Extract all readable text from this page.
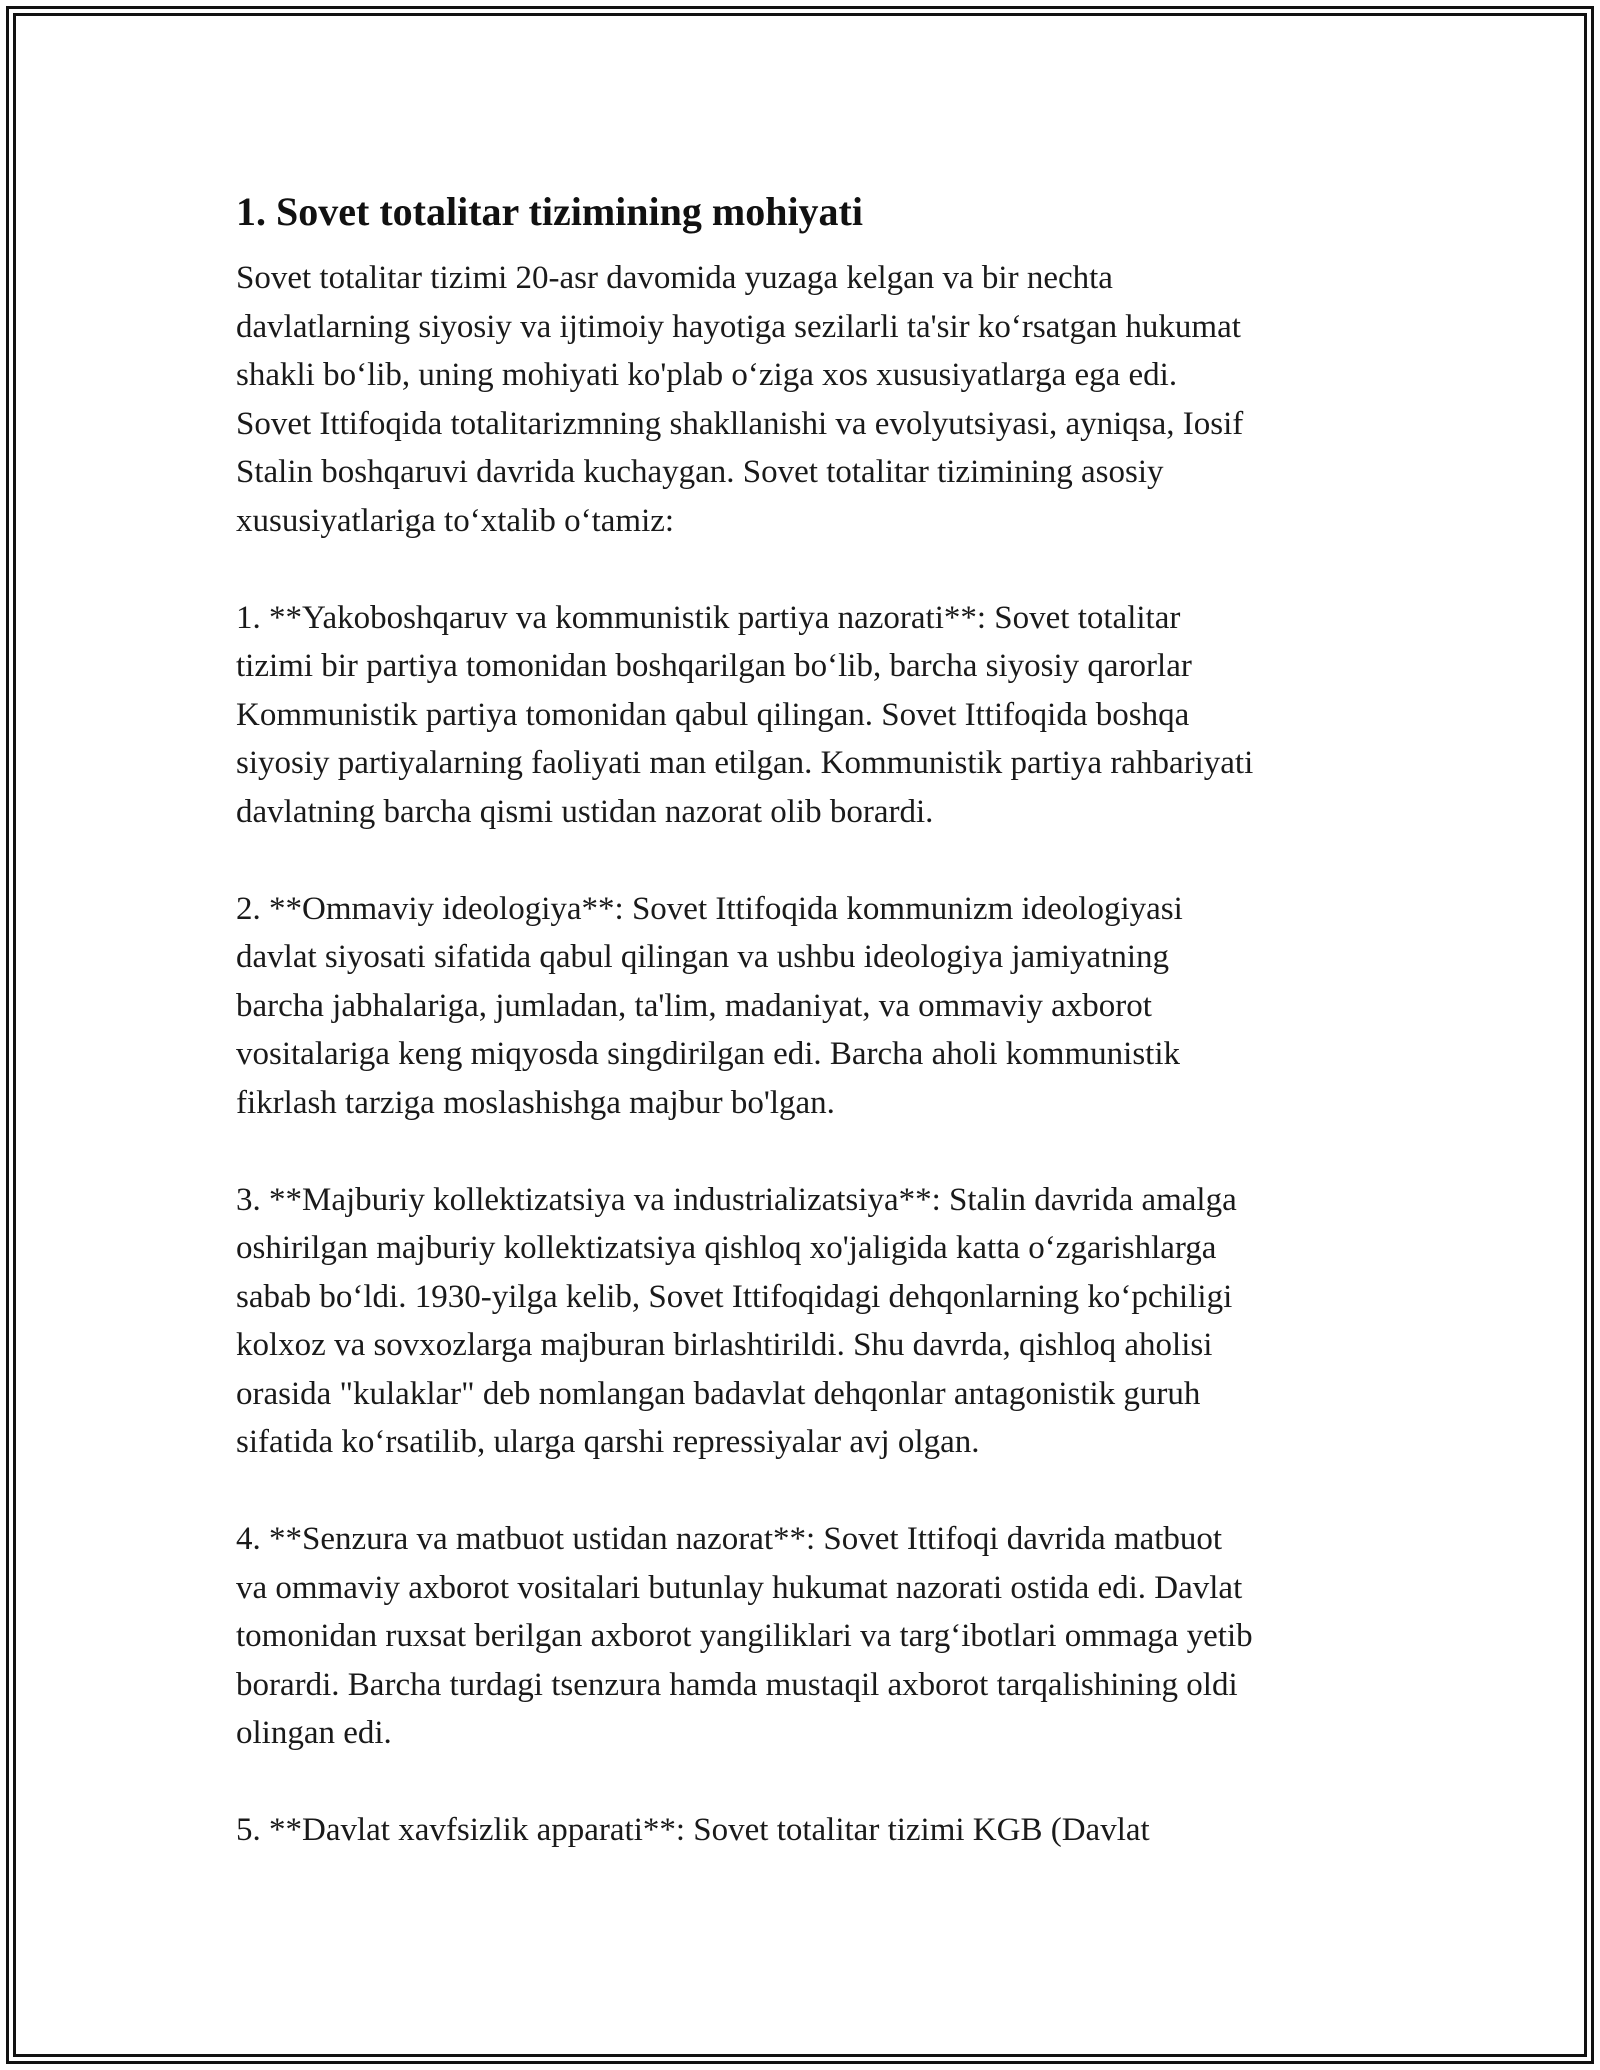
1. Sovet totalitar tizimining mohiyati

Sovet totalitar tizimi 20-asr davomida yuzaga kelgan va bir nechta
davlatlarning siyosiy va ijtimoiy hayotiga sezilarli ta'sir ko‘rsatgan hukumat
shakli bo‘lib, uning mohiyati ko'plab o‘ziga xos xususiyatlarga ega edi.
Sovet Ittifoqida totalitarizmning shakllanishi va evolyutsiyasi, ayniqsa, Iosif
Stalin boshqaruvi davrida kuchaygan. Sovet totalitar tizimining asosiy
xususiyatlariga to‘xtalib o‘tamiz:

1. **Yakoboshqaruv va kommunistik partiya nazorati**: Sovet totalitar
tizimi bir partiya tomonidan boshqarilgan bo‘lib, barcha siyosiy qarorlar
Kommunistik partiya tomonidan qabul qilingan. Sovet Ittifoqida boshqa
siyosiy partiyalarning faoliyati man etilgan. Kommunistik partiya rahbariyati
davlatning barcha qismi ustidan nazorat olib borardi.

2. **Ommaviy ideologiya**: Sovet Ittifoqida kommunizm ideologiyasi
davlat siyosati sifatida qabul qilingan va ushbu ideologiya jamiyatning
barcha jabhalariga, jumladan, ta'lim, madaniyat, va ommaviy axborot
vositalariga keng miqyosda singdirilgan edi. Barcha aholi kommunistik
fikrlash tarziga moslashishga majbur bo'lgan.

3. **Majburiy kollektizatsiya va industrializatsiya**: Stalin davrida amalga
oshirilgan majburiy kollektizatsiya qishloq xo'jaligida katta o‘zgarishlarga
sabab bo‘ldi. 1930-yilga kelib, Sovet Ittifoqidagi dehqonlarning ko‘pchiligi
kolxoz va sovxozlarga majburan birlashtirildi. Shu davrda, qishloq aholisi
orasida "kulaklar" deb nomlangan badavlat dehqonlar antagonistik guruh
sifatida ko‘rsatilib, ularga qarshi repressiyalar avj olgan.

4. **Senzura va matbuot ustidan nazorat**: Sovet Ittifoqi davrida matbuot
va ommaviy axborot vositalari butunlay hukumat nazorati ostida edi. Davlat
tomonidan ruxsat berilgan axborot yangiliklari va targ‘ibotlari ommaga yetib
borardi. Barcha turdagi tsenzura hamda mustaqil axborot tarqalishining oldi
olingan edi.

5. **Davlat xavfsizlik apparati**: Sovet totalitar tizimi KGB (Davlat
